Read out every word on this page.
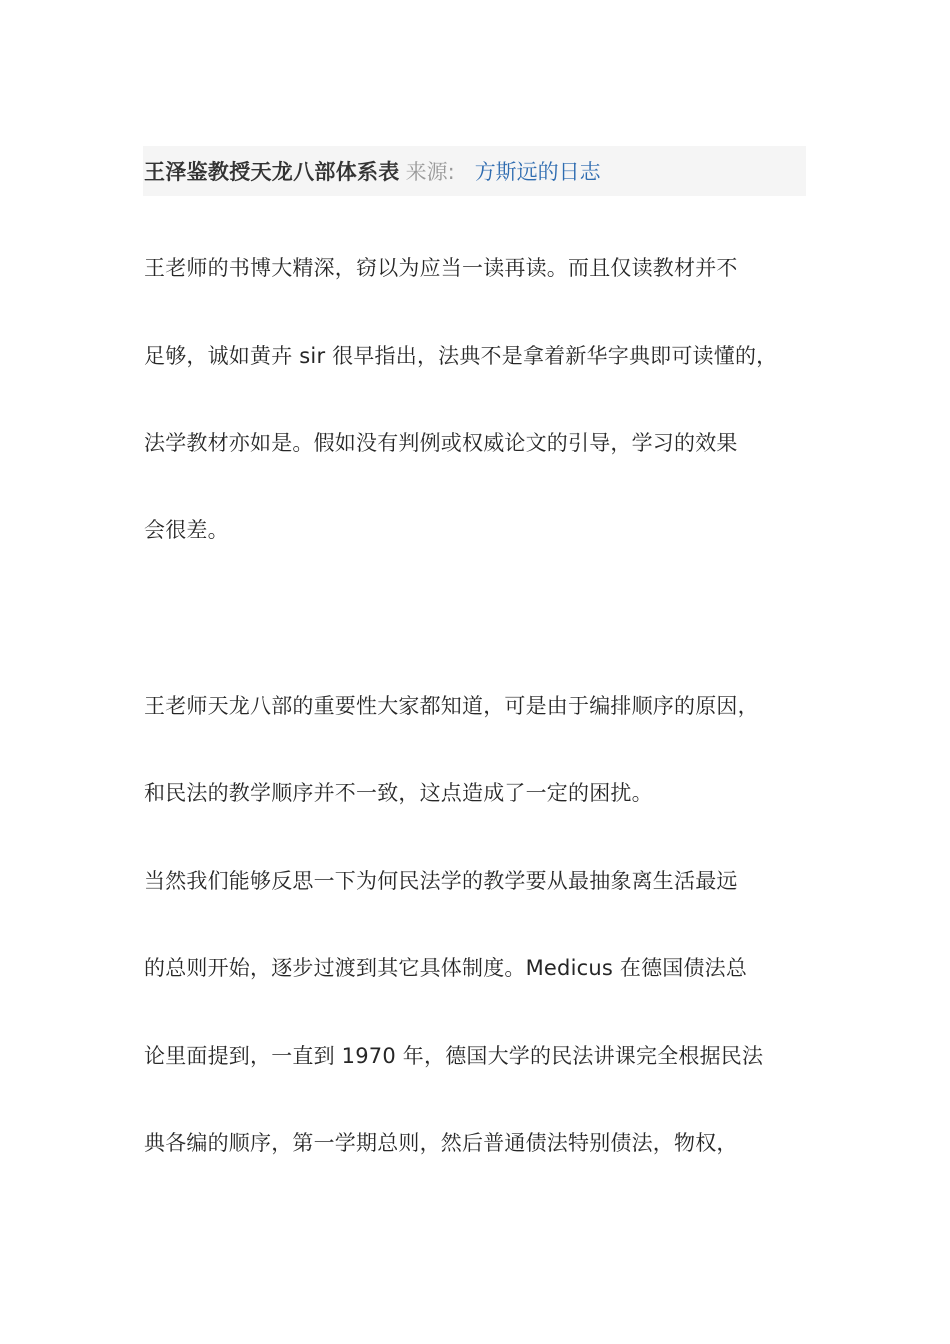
王泽鉴教授天龙八部体系表 来源: 方斯远的日志

王老师的书博大精深，窃以为应当一读再读。而且仅读教材并不

足够，诚如黄卉 sir 很早指出，法典不是拿着新华字典即可读懂的，

法学教材亦如是。假如没有判例或权威论文的引导，学习的效果

会很差。

王老师天龙八部的重要性大家都知道，可是由于编排顺序的原因，

和民法的教学顺序并不一致，这点造成了一定的困扰。

当然我们能够反思一下为何民法学的教学要从最抽象离生活最远

的总则开始，逐步过渡到其它具体制度。Medicus 在德国债法总

论里面提到，一直到 1970 年，德国大学的民法讲课完全根据民法

典各编的顺序，第一学期总则，然后普通债法特别债法，物权，
